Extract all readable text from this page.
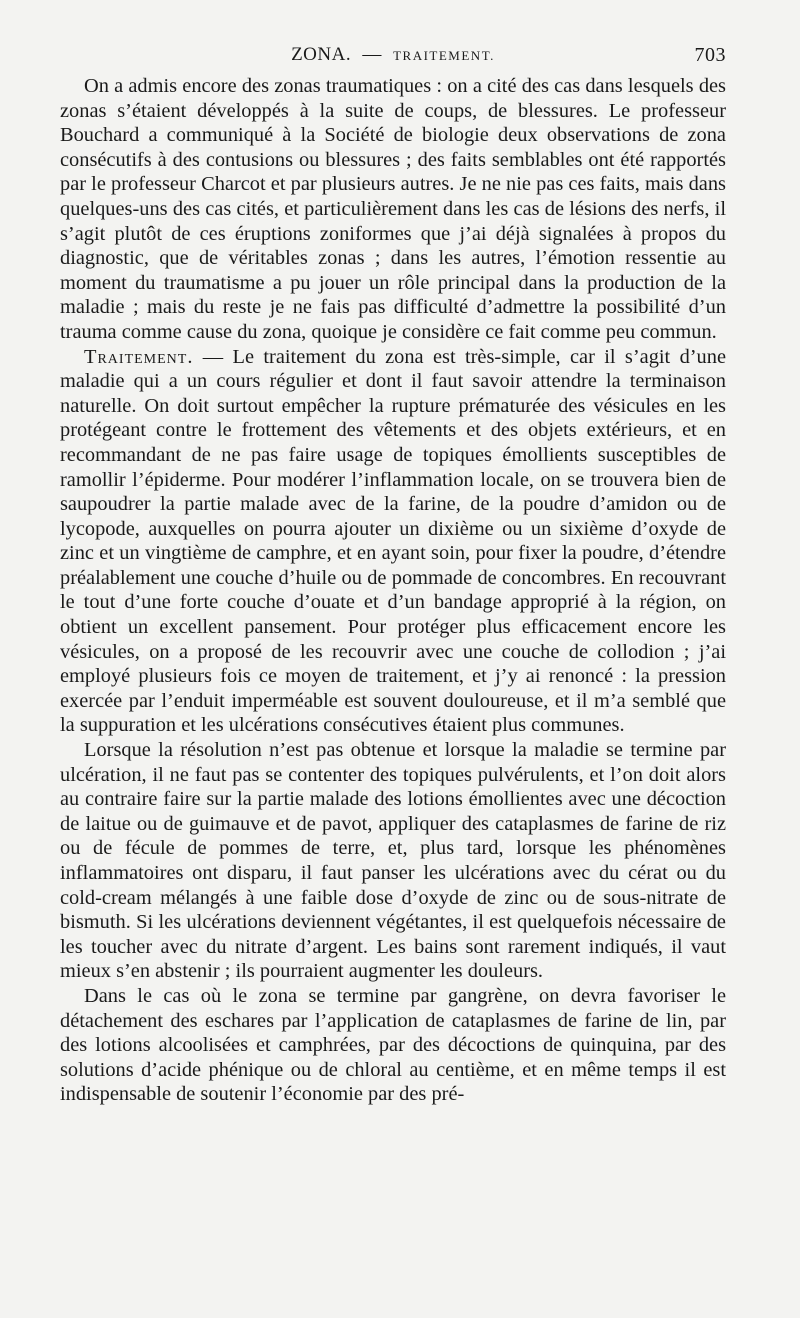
ZONA. — TRAITEMENT.	703

On a admis encore des zonas traumatiques : on a cité des cas dans lesquels des zonas s’étaient développés à la suite de coups, de blessures. Le professeur Bouchard a communiqué à la Société de biologie deux observations de zona consécutifs à des contusions ou blessures ; des faits semblables ont été rapportés par le professeur Charcot et par plusieurs autres. Je ne nie pas ces faits, mais dans quelques-uns des cas cités, et particulièrement dans les cas de lésions des nerfs, il s’agit plutôt de ces éruptions zoniformes que j’ai déjà signalées à propos du diagnostic, que de véritables zonas ; dans les autres, l’émotion ressentie au moment du traumatisme a pu jouer un rôle principal dans la production de la maladie ; mais du reste je ne fais pas difficulté d’admettre la possibilité d’un trauma comme cause du zona, quoique je considère ce fait comme peu commun.

Traitement. — Le traitement du zona est très-simple, car il s’agit d’une maladie qui a un cours régulier et dont il faut savoir attendre la terminaison naturelle. On doit surtout empêcher la rupture prématurée des vésicules en les protégeant contre le frottement des vêtements et des objets extérieurs, et en recommandant de ne pas faire usage de topiques émollients susceptibles de ramollir l’épiderme. Pour modérer l’inflammation locale, on se trouvera bien de saupoudrer la partie malade avec de la farine, de la poudre d’amidon ou de lycopode, auxquelles on pourra ajouter un dixième ou un sixième d’oxyde de zinc et un vingtième de camphre, et en ayant soin, pour fixer la poudre, d’étendre préalablement une couche d’huile ou de pommade de concombres. En recouvrant le tout d’une forte couche d’ouate et d’un bandage approprié à la région, on obtient un excellent pansement. Pour protéger plus efficacement encore les vésicules, on a proposé de les recouvrir avec une couche de collodion ; j’ai employé plusieurs fois ce moyen de traitement, et j’y ai renoncé : la pression exercée par l’enduit imperméable est souvent douloureuse, et il m’a semblé que la suppuration et les ulcérations consécutives étaient plus communes.

Lorsque la résolution n’est pas obtenue et lorsque la maladie se termine par ulcération, il ne faut pas se contenter des topiques pulvérulents, et l’on doit alors au contraire faire sur la partie malade des lotions émollientes avec une décoction de laitue ou de guimauve et de pavot, appliquer des cataplasmes de farine de riz ou de fécule de pommes de terre, et, plus tard, lorsque les phénomènes inflammatoires ont disparu, il faut panser les ulcérations avec du cérat ou du cold-cream mélangés à une faible dose d’oxyde de zinc ou de sous-nitrate de bismuth. Si les ulcérations deviennent végétantes, il est quelquefois nécessaire de les toucher avec du nitrate d’argent. Les bains sont rarement indiqués, il vaut mieux s’en abstenir ; ils pourraient augmenter les douleurs.

Dans le cas où le zona se termine par gangrène, on devra favoriser le détachement des eschares par l’application de cataplasmes de farine de lin, par des lotions alcoolisées et camphrées, par des décoctions de quinquina, par des solutions d’acide phénique ou de chloral au centième, et en même temps il est indispensable de soutenir l’économie par des pré-
